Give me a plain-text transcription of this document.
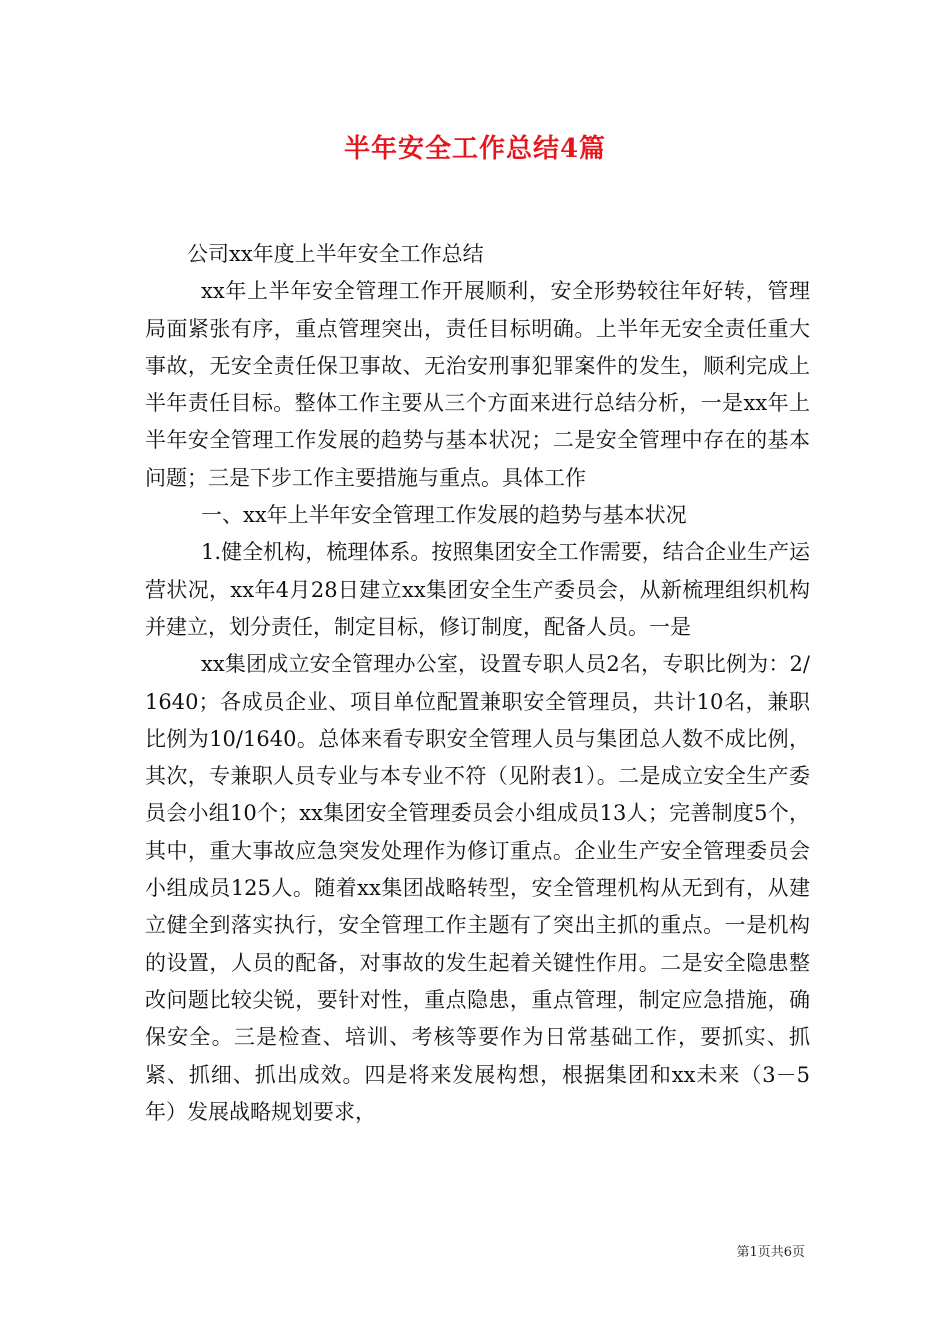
半年安全工作总结4篇

公司xx年度上半年安全工作总结

xx年上半年安全管理工作开展顺利，安全形势较往年好转，管理局面紧张有序，重点管理突出，责任目标明确。上半年无安全责任重大事故，无安全责任保卫事故、无治安刑事犯罪案件的发生，顺利完成上半年责任目标。整体工作主要从三个方面来进行总结分析，一是xx年上半年安全管理工作发展的趋势与基本状况；二是安全管理中存在的基本问题；三是下步工作主要措施与重点。具体工作

一、xx年上半年安全管理工作发展的趋势与基本状况

1.健全机构，梳理体系。按照集团安全工作需要，结合企业生产运营状况，xx年4月28日建立xx集团安全生产委员会，从新梳理组织机构并建立，划分责任，制定目标，修订制度，配备人员。一是

xx集团成立安全管理办公室，设置专职人员2名，专职比例为：2/1640；各成员企业、项目单位配置兼职安全管理员，共计10名，兼职比例为10/1640。总体来看专职安全管理人员与集团总人数不成比例，其次，专兼职人员专业与本专业不符（见附表1）。二是成立安全生产委员会小组10个；xx集团安全管理委员会小组成员13人；完善制度5个，其中，重大事故应急突发处理作为修订重点。企业生产安全管理委员会小组成员125人。随着xx集团战略转型，安全管理机构从无到有，从建立健全到落实执行，安全管理工作主题有了突出主抓的重点。一是机构的设置，人员的配备，对事故的发生起着关键性作用。二是安全隐患整改问题比较尖锐，要针对性，重点隐患，重点管理，制定应急措施，确保安全。三是检查、培训、考核等要作为日常基础工作，要抓实、抓紧、抓细、抓出成效。四是将来发展构想，根据集团和xx未来（3－5年）发展战略规划要求，

第1页共6页
